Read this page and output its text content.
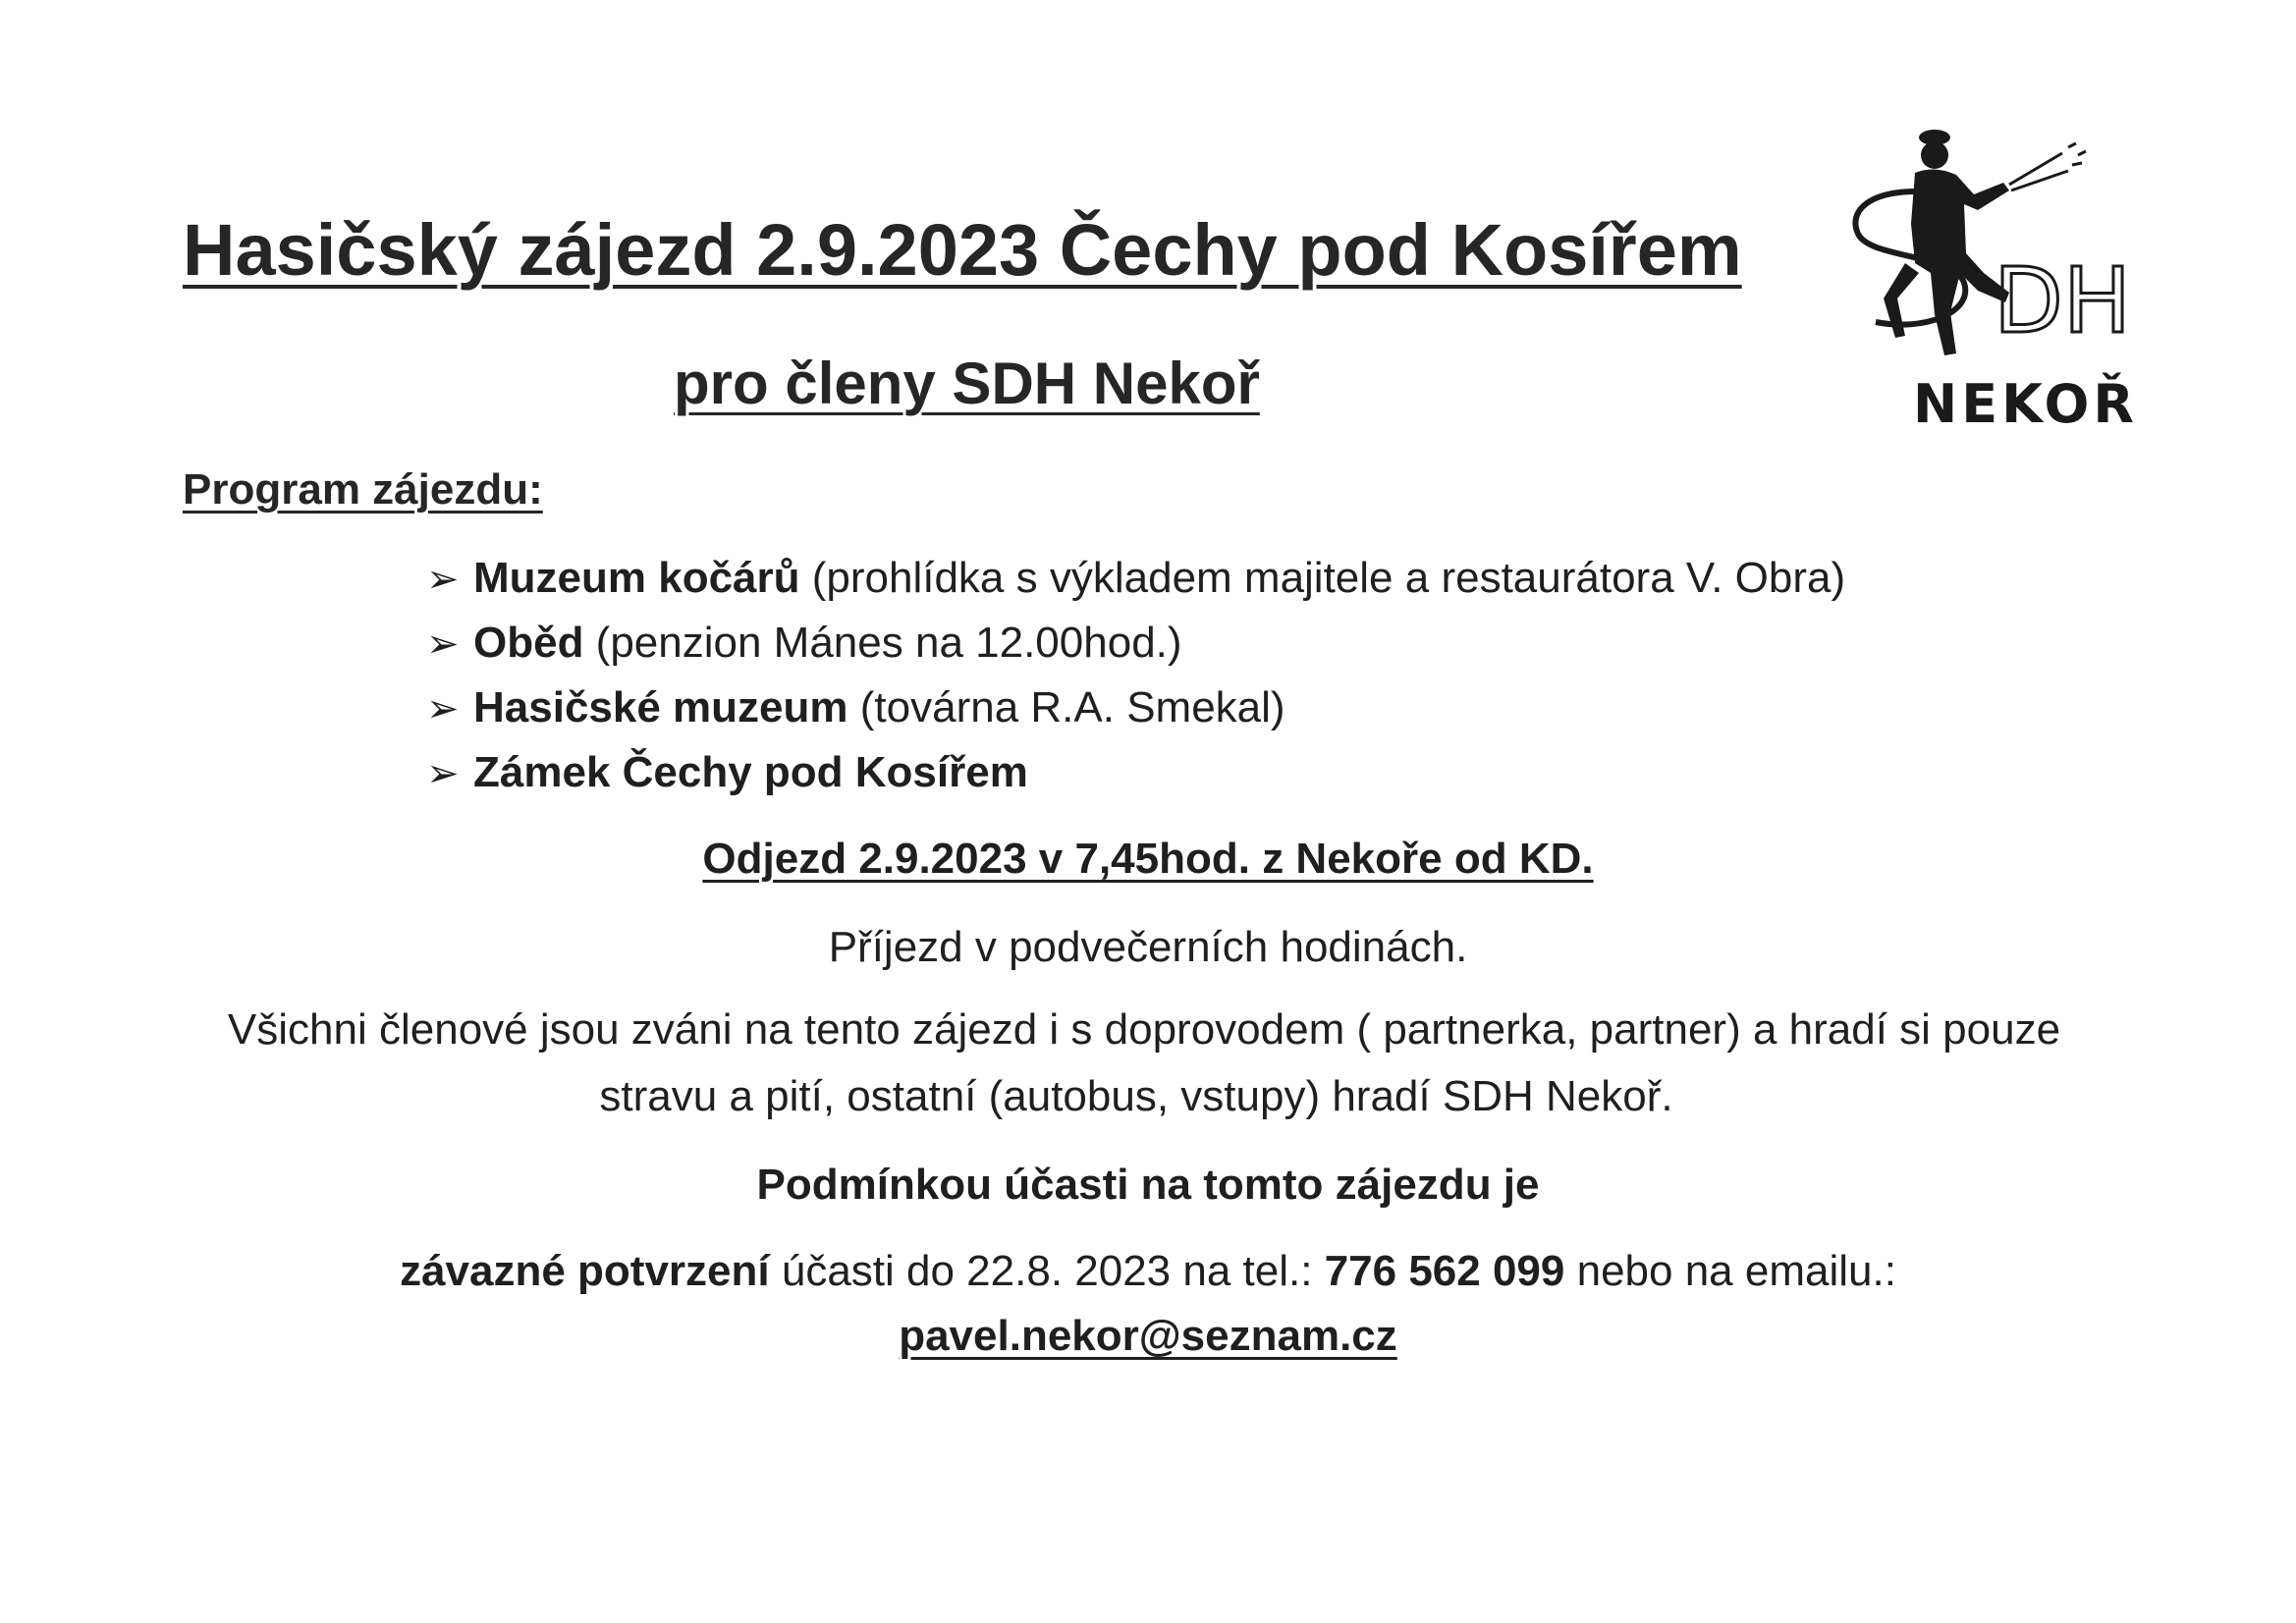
Hasičský zájezd 2.9.2023 Čechy pod Kosířem
pro členy SDH Nekoř
DH
NEKOŘ
Program zájezdu:
➢ Muzeum kočárů (prohlídka s výkladem majitele a restaurátora V. Obra)
➢ Oběd (penzion Mánes na 12.00hod.)
➢ Hasičské muzeum (továrna R.A. Smekal)
➢ Zámek Čechy pod Kosířem
Odjezd 2.9.2023 v 7,45hod. z Nekoře od KD.
Příjezd v podvečerních hodinách.
Všichni členové jsou zváni na tento zájezd i s doprovodem ( partnerka, partner) a hradí si pouze
stravu a pití, ostatní (autobus, vstupy) hradí SDH Nekoř.
Podmínkou účasti na tomto zájezdu je
závazné potvrzení účasti do 22.8. 2023 na tel.: 776 562 099 nebo na emailu.:
pavel.nekor@seznam.cz
